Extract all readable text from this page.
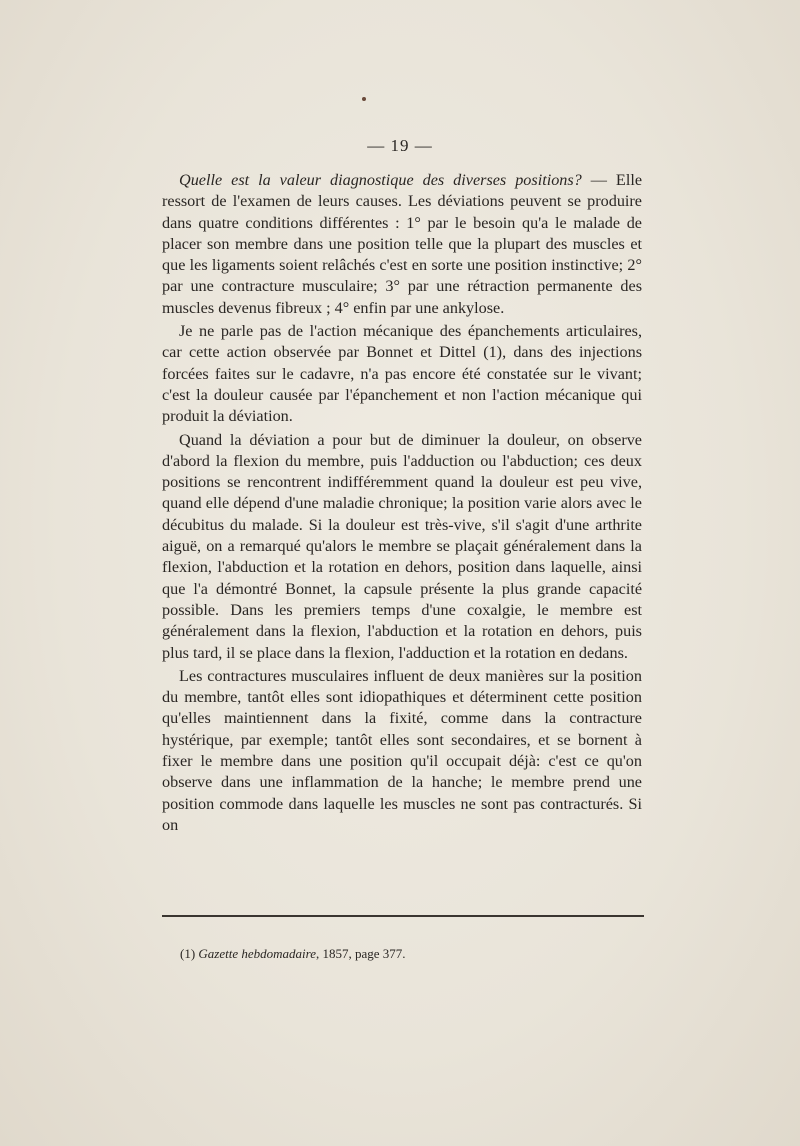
— 19 —

Quelle est la valeur diagnostique des diverses positions? — Elle ressort de l'examen de leurs causes. Les déviations peuvent se produire dans quatre conditions différentes : 1° par le besoin qu'a le malade de placer son membre dans une position telle que la plupart des muscles et que les ligaments soient relâchés c'est en sorte une position instinctive; 2° par une contracture musculaire; 3° par une rétraction permanente des muscles devenus fibreux ; 4° enfin par une ankylose.

Je ne parle pas de l'action mécanique des épanchements articulaires, car cette action observée par Bonnet et Dittel (1), dans des injections forcées faites sur le cadavre, n'a pas encore été constatée sur le vivant; c'est la douleur causée par l'épanchement et non l'action mécanique qui produit la déviation.

Quand la déviation a pour but de diminuer la douleur, on observe d'abord la flexion du membre, puis l'adduction ou l'abduction; ces deux positions se rencontrent indifféremment quand la douleur est peu vive, quand elle dépend d'une maladie chronique; la position varie alors avec le décubitus du malade. Si la douleur est très-vive, s'il s'agit d'une arthrite aiguë, on a remarqué qu'alors le membre se plaçait généralement dans la flexion, l'abduction et la rotation en dehors, position dans laquelle, ainsi que l'a démontré Bonnet, la capsule présente la plus grande capacité possible. Dans les premiers temps d'une coxalgie, le membre est généralement dans la flexion, l'abduction et la rotation en dehors, puis plus tard, il se place dans la flexion, l'adduction et la rotation en dedans.

Les contractures musculaires influent de deux manières sur la position du membre, tantôt elles sont idiopathiques et déterminent cette position qu'elles maintiennent dans la fixité, comme dans la contracture hystérique, par exemple; tantôt elles sont secondaires, et se bornent à fixer le membre dans une position qu'il occupait déjà: c'est ce qu'on observe dans une inflammation de la hanche; le membre prend une position commode dans laquelle les muscles ne sont pas contracturés. Si on

(1) Gazette hebdomadaire, 1857, page 377.
